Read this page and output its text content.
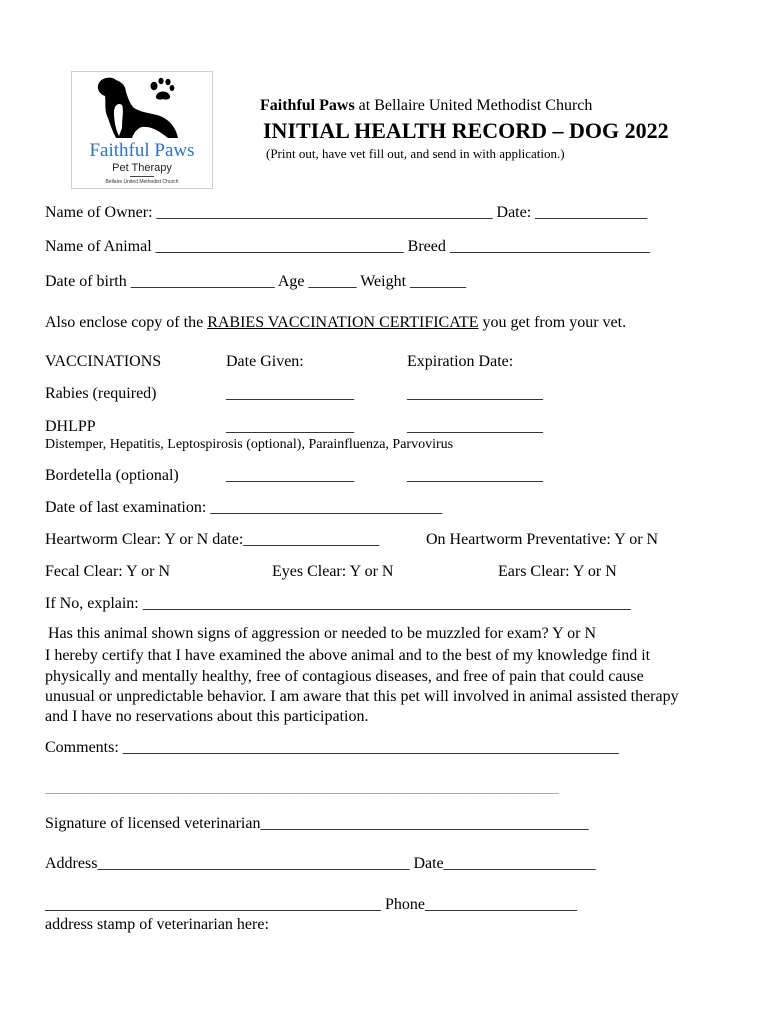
Faithful Paws
Pet Therapy
Bellaire United Methodist Church
Faithful Paws at Bellaire United Methodist Church
INITIAL HEALTH RECORD – DOG 2022
(Print out, have vet fill out, and send in with application.)
Name of Owner: __________________________________________ Date: ______________
Name of Animal _______________________________ Breed _________________________
Date of birth __________________ Age ______ Weight _______
Also enclose copy of the RABIES VACCINATION CERTIFICATE you get from your vet.
VACCINATIONS	Date Given:	Expiration Date:
Rabies (required)	________________	_________________
DHLPP	________________	_________________
Distemper, Hepatitis, Leptospirosis (optional), Parainfluenza, Parvovirus
Bordetella (optional)	________________	_________________
Date of last examination: _____________________________
Heartworm Clear: Y or N date:_________________	On Heartworm Preventative: Y or N
Fecal Clear: Y or N	Eyes Clear: Y or N	Ears Clear: Y or N
If No, explain: _____________________________________________________________
Has this animal shown signs of aggression or needed to be muzzled for exam? Y or N
I hereby certify that I have examined the above animal and to the best of my knowledge find it
physically and mentally healthy, free of contagious diseases, and free of pain that could cause
unusual or unpredictable behavior. I am aware that this pet will involved in animal assisted therapy
and I have no reservations about this participation.
Comments: ______________________________________________________________
_______________________________________________________________________________
Signature of licensed veterinarian_________________________________________
Address_______________________________________ Date___________________
__________________________________________ Phone___________________
address stamp of veterinarian here:
